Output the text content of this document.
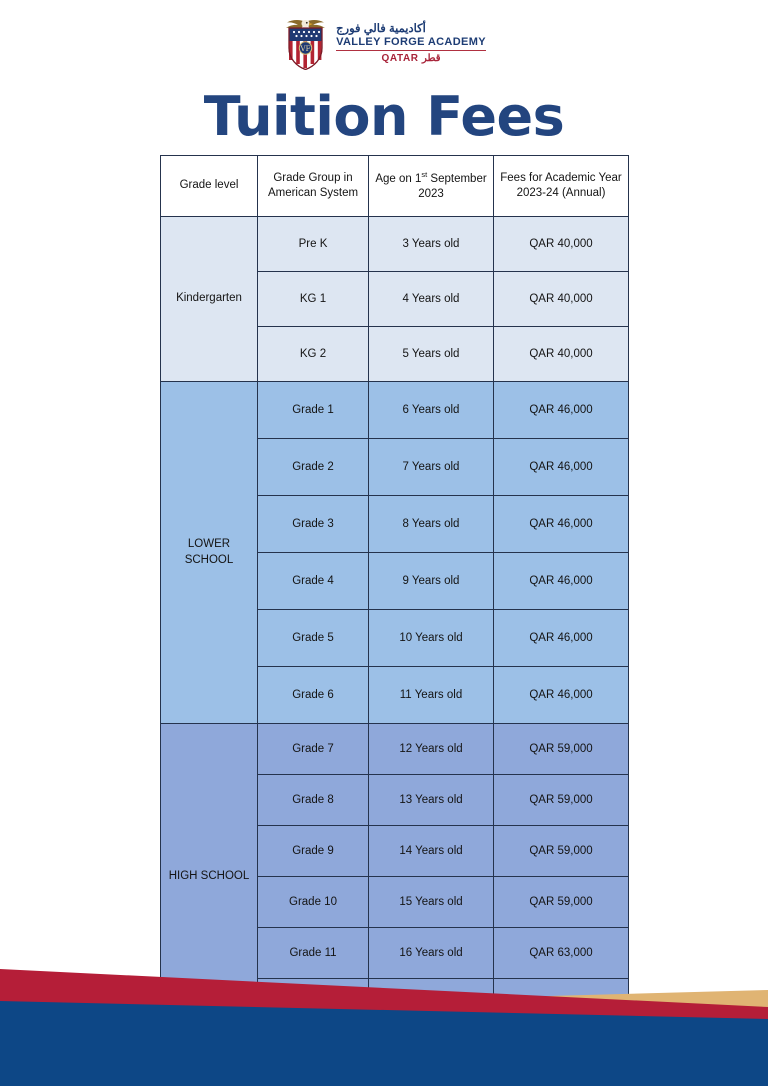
VF
أكاديمية فالي فورج
VALLEY FORGE ACADEMY
QATAR قطر
Tuition Fees
Grade level	Grade Group in American System	Age on 1st September 2023	Fees for Academic Year 2023-24 (Annual)
Kindergarten	Pre K	3 Years old	QAR 40,000
	KG 1	4 Years old	QAR 40,000
	KG 2	5 Years old	QAR 40,000
LOWER SCHOOL	Grade 1	6 Years old	QAR 46,000
	Grade 2	7 Years old	QAR 46,000
	Grade 3	8 Years old	QAR 46,000
	Grade 4	9 Years old	QAR 46,000
	Grade 5	10 Years old	QAR 46,000
	Grade 6	11 Years old	QAR 46,000
HIGH SCHOOL	Grade 7	12 Years old	QAR 59,000
	Grade 8	13 Years old	QAR 59,000
	Grade 9	14 Years old	QAR 59,000
	Grade 10	15 Years old	QAR 59,000
	Grade 11	16 Years old	QAR 63,000
